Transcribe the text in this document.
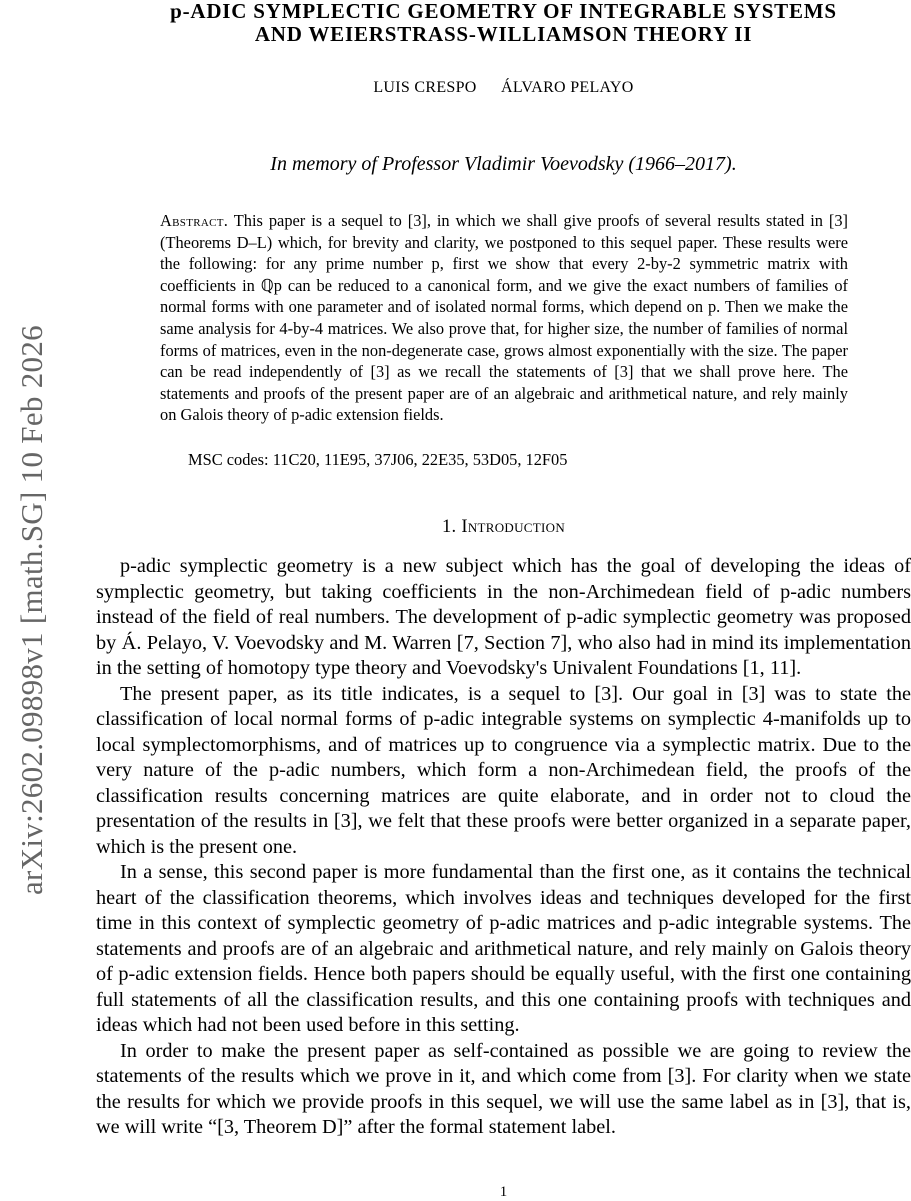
arXiv:2602.09898v1 [math.SG] 10 Feb 2026
p-ADIC SYMPLECTIC GEOMETRY OF INTEGRABLE SYSTEMS
AND WEIERSTRASS-WILLIAMSON THEORY II
LUIS CRESPO ÁLVARO PELAYO
In memory of Professor Vladimir Voevodsky (1966–2017).
Abstract. This paper is a sequel to [3], in which we shall give proofs of several results stated in [3] (Theorems D–L) which, for brevity and clarity, we postponed to this sequel paper. These results were the following: for any prime number p, first we show that every 2-by-2 symmetric matrix with coefficients in ℚp can be reduced to a canonical form, and we give the exact numbers of families of normal forms with one parameter and of isolated normal forms, which depend on p. Then we make the same analysis for 4-by-4 matrices. We also prove that, for higher size, the number of families of normal forms of matrices, even in the non-degenerate case, grows almost exponentially with the size. The paper can be read independently of [3] as we recall the statements of [3] that we shall prove here. The statements and proofs of the present paper are of an algebraic and arithmetical nature, and rely mainly on Galois theory of p-adic extension fields.
MSC codes: 11C20, 11E95, 37J06, 22E35, 53D05, 12F05
1. Introduction

p-adic symplectic geometry is a new subject which has the goal of developing the ideas of symplectic geometry, but taking coefficients in the non-Archimedean field of p-adic numbers instead of the field of real numbers. The development of p-adic symplectic geometry was proposed by Á. Pelayo, V. Voevodsky and M. Warren [7, Section 7], who also had in mind its implementation in the setting of homotopy type theory and Voevodsky's Univalent Foundations [1, 11].

The present paper, as its title indicates, is a sequel to [3]. Our goal in [3] was to state the classification of local normal forms of p-adic integrable systems on symplectic 4-manifolds up to local symplectomorphisms, and of matrices up to congruence via a symplectic matrix. Due to the very nature of the p-adic numbers, which form a non-Archimedean field, the proofs of the classification results concerning matrices are quite elaborate, and in order not to cloud the presentation of the results in [3], we felt that these proofs were better organized in a separate paper, which is the present one.

In a sense, this second paper is more fundamental than the first one, as it contains the technical heart of the classification theorems, which involves ideas and techniques developed for the first time in this context of symplectic geometry of p-adic matrices and p-adic integrable systems. The statements and proofs are of an algebraic and arithmetical nature, and rely mainly on Galois theory of p-adic extension fields. Hence both papers should be equally useful, with the first one containing full statements of all the classification results, and this one containing proofs with techniques and ideas which had not been used before in this setting.

In order to make the present paper as self-contained as possible we are going to review the statements of the results which we prove in it, and which come from [3]. For clarity when we state the results for which we provide proofs in this sequel, we will use the same label as in [3], that is, we will write “[3, Theorem D]” after the formal statement label.

1
